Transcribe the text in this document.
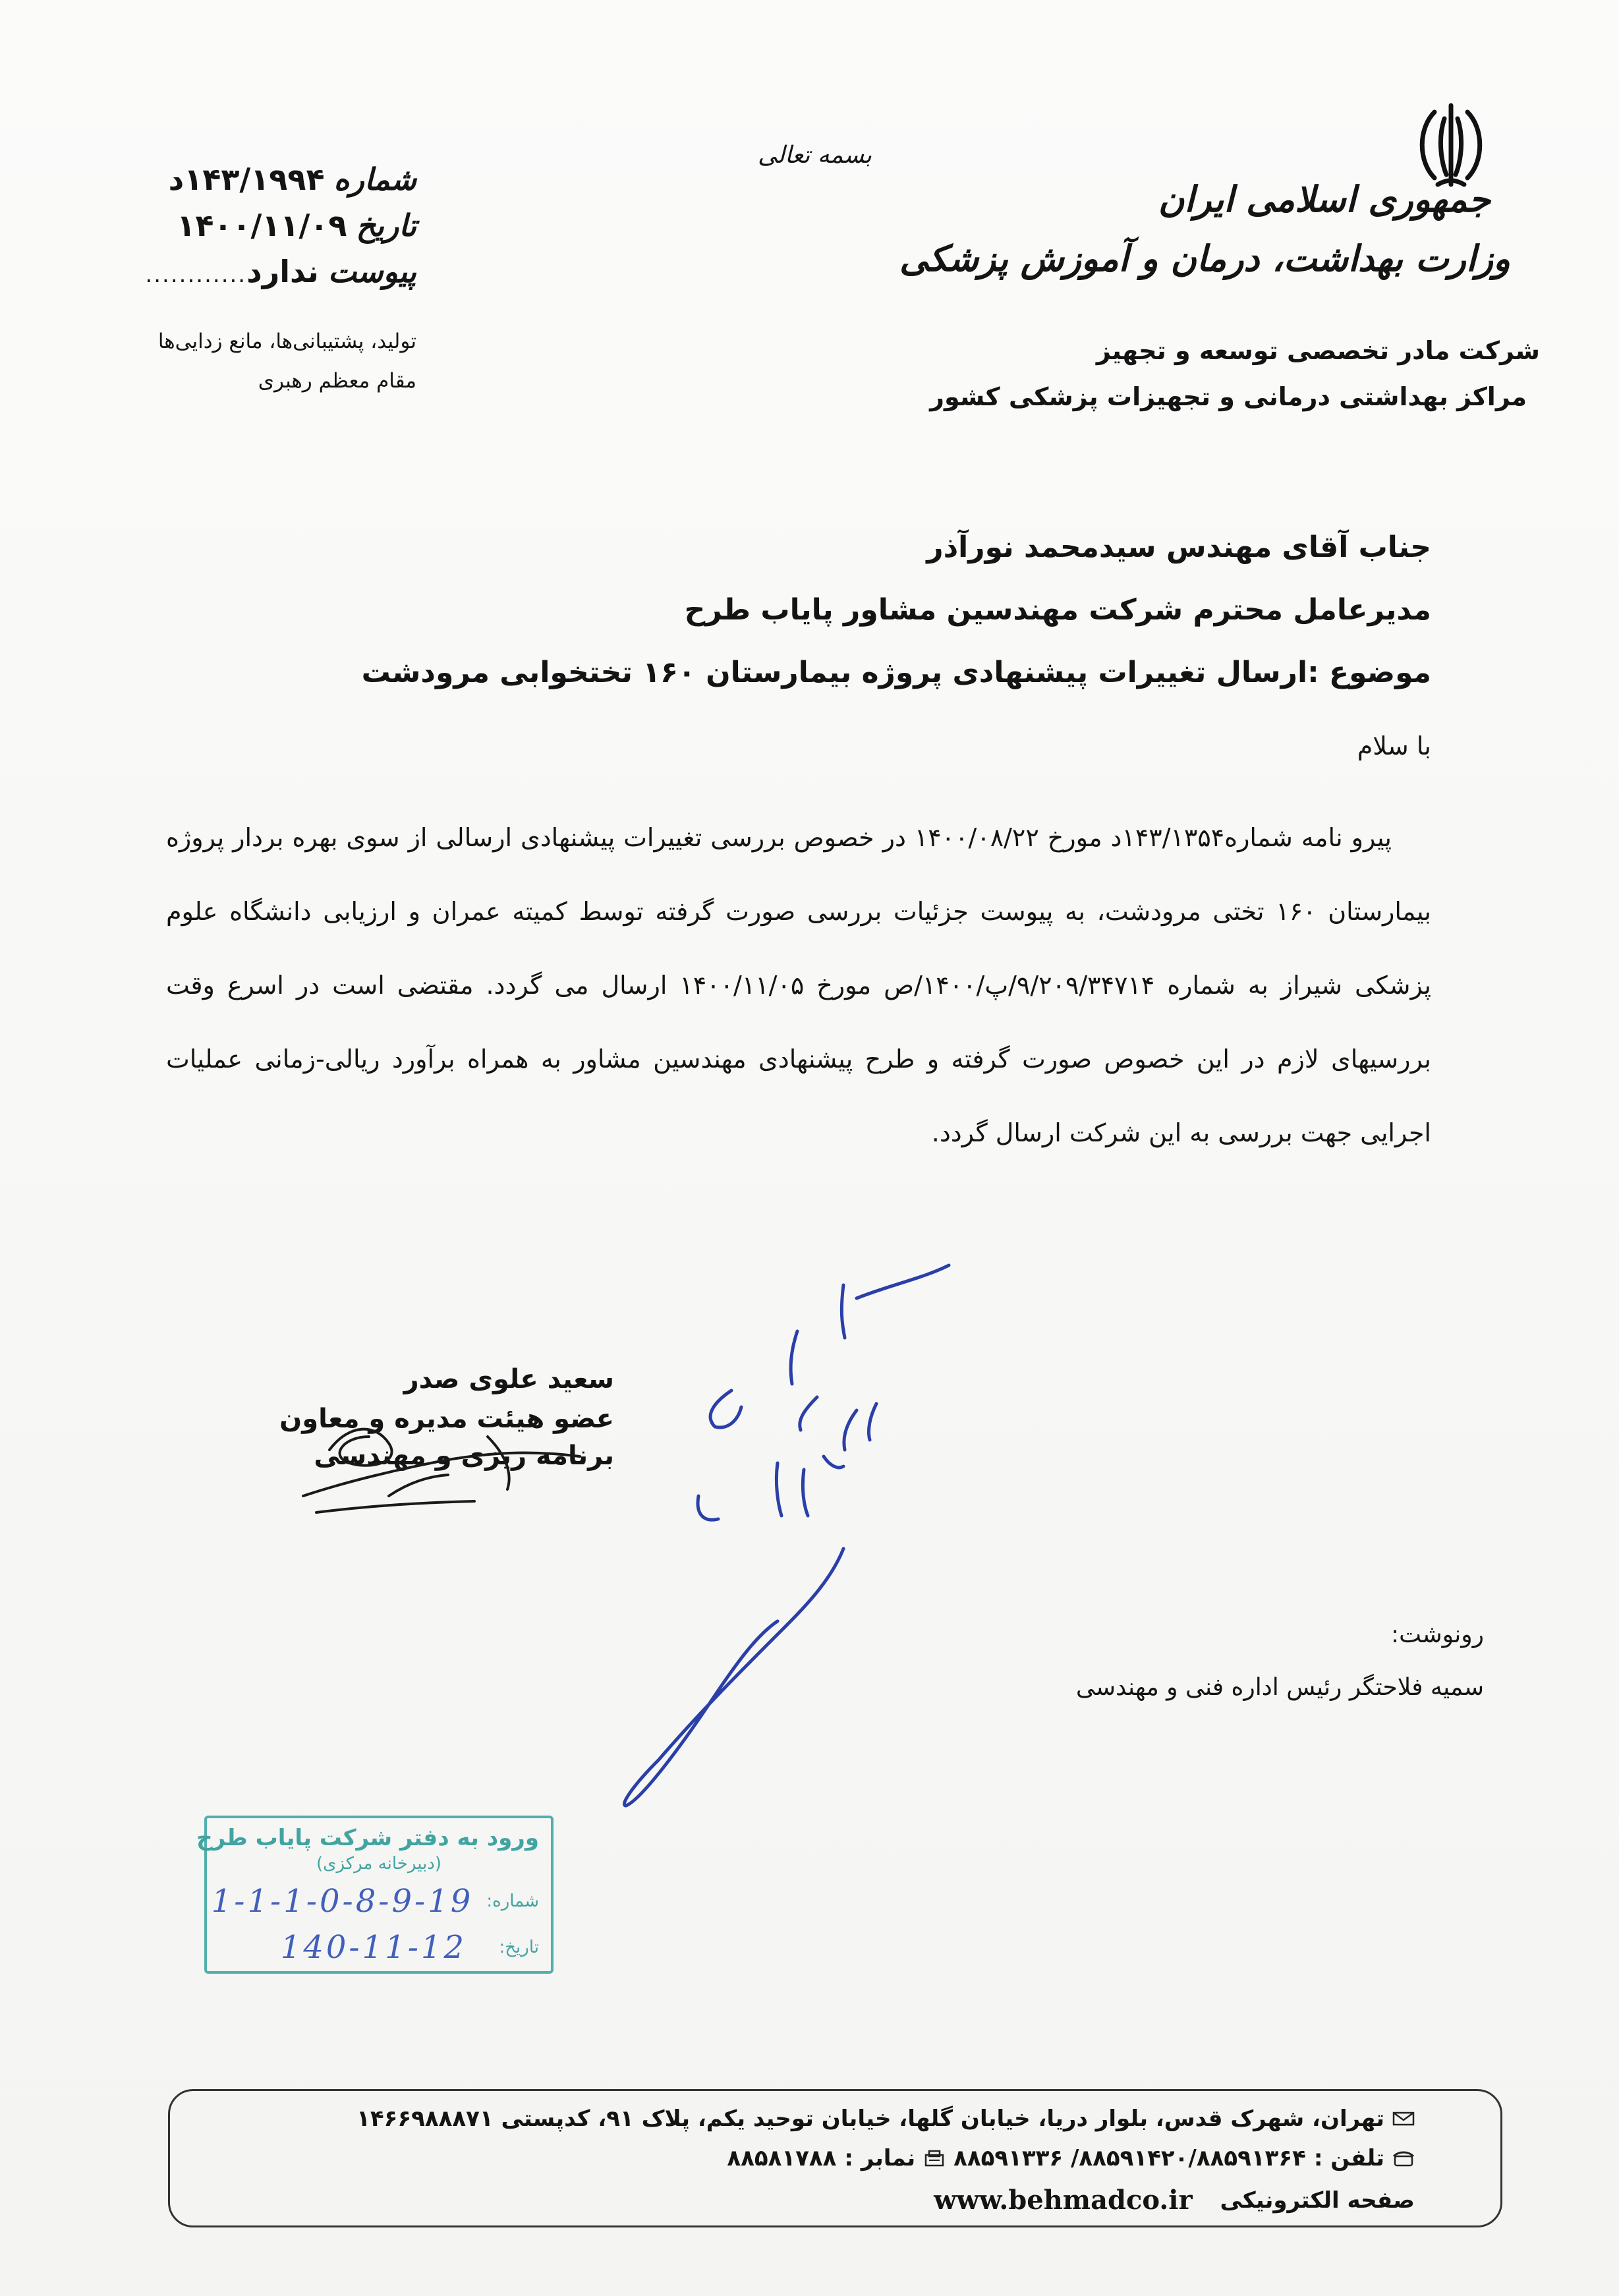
جمهوری اسلامی ایران
وزارت بهداشت، درمان و آموزش پزشکی
شرکت مادر تخصصی توسعه و تجهیز
مراکز بهداشتی درمانی و تجهیزات پزشکی کشور
بسمه تعالی
شماره
۱۴۳/۱۹۹۴د
تاریخ
۱۴۰۰/۱۱/۰۹
پیوست
ندارد
............
تولید، پشتیبانی‌ها، مانع زدایی‌ها
مقام معظم رهبری
جناب آقای مهندس سیدمحمد نورآذر
مدیرعامل محترم شرکت مهندسین مشاور پایاب طرح
موضوع :ارسال تغییرات پیشنهادی پروژه بیمارستان ۱۶۰ تختخوابی مرودشت
با سلام
پیرو نامه شماره۱۴۳/۱۳۵۴د مورخ ۱۴۰۰/۰۸/۲۲ در خصوص بررسی تغییرات پیشنهادی ارسالی از سوی بهره بردار پروژه بیمارستان ۱۶۰ تختی مرودشت، به پیوست جزئیات بررسی صورت گرفته توسط کمیته عمران و ارزیابی دانشگاه علوم پزشکی شیراز به شماره ۹/۲۰۹/۳۴۷۱۴/پ/۱۴۰۰/ص مورخ ۱۴۰۰/۱۱/۰۵ ارسال می گردد. مقتضی است در اسرع وقت بررسیهای لازم در این خصوص صورت گرفته و طرح پیشنهادی مهندسین مشاور به همراه برآورد ریالی-زمانی عملیات اجرایی جهت بررسی به این شرکت ارسال گردد.
سعید علوی صدر
عضو هیئت مدیره و معاون برنامه ریزی و مهندسی
رونوشت:
سمیه فلاحتگر رئیس اداره فنی و مهندسی
ورود به دفتر شرکت پایاب طرح
(دبیرخانه مرکزی)
شماره:
1-1-1-0-8-9-19
تاریخ:
140-11-12
تهران، شهرک قدس، بلوار دریا، خیابان گلها، خیابان توحید یکم، پلاک ۹۱، کدپستی ۱۴۶۶۹۸۸۸۷۱
تلفن :
۸۸۵۹۱۴۲۰/۸۸۵۹۱۳۶۴/ ۸۸۵۹۱۳۳۶
نمابر :
۸۸۵۸۱۷۸۸
صفحه الکترونیکی
www.behmadco.ir
